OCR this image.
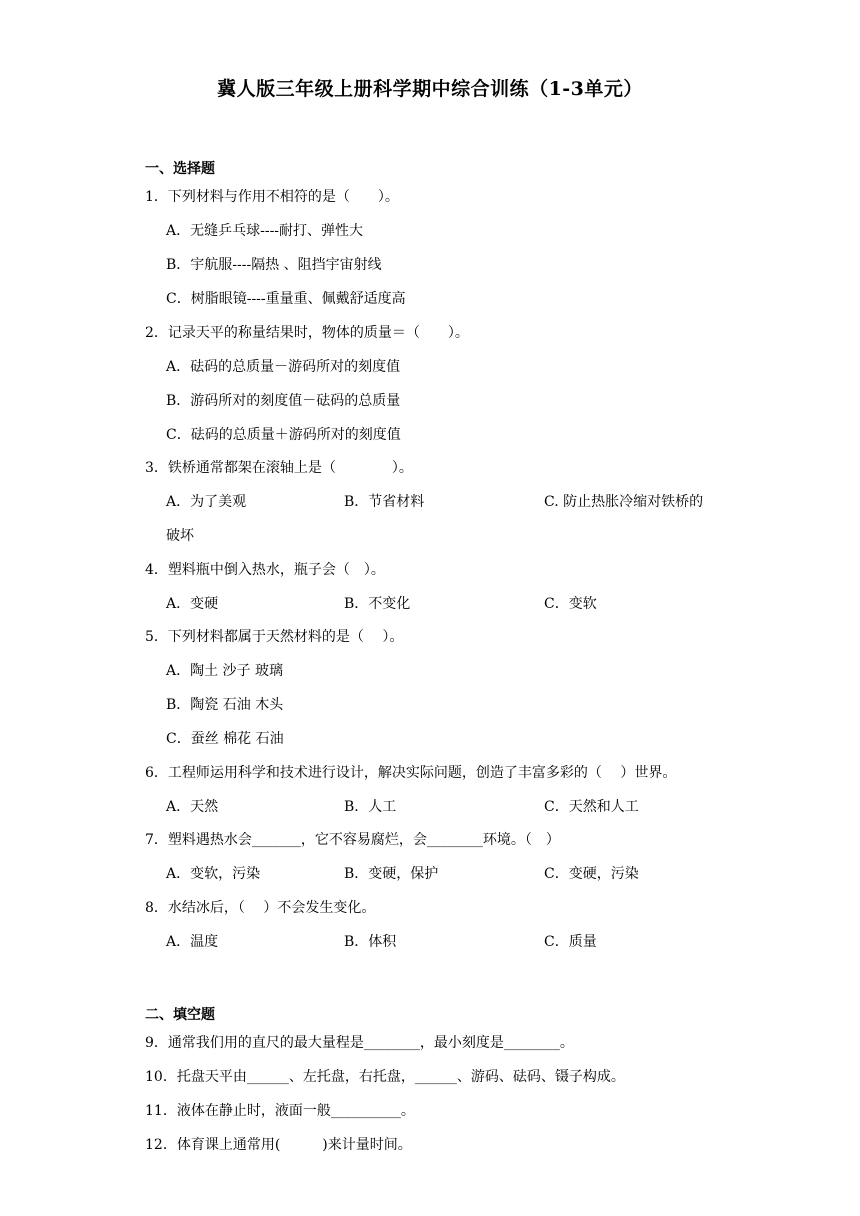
冀人版三年级上册科学期中综合训练（1-3单元）
一、选择题
1．下列材料与作用不相符的是（　　）。
A．无缝乒乓球----耐打、弹性大
B．宇航服----隔热 、阻挡宇宙射线
C．树脂眼镜----重量重、佩戴舒适度高
2．记录天平的称量结果时，物体的质量＝（　　）。
A．砝码的总质量－游码所对的刻度值
B．游码所对的刻度值－砝码的总质量
C．砝码的总质量＋游码所对的刻度值
3．铁桥通常都架在滚轴上是（　　　　）。
A．为了美观	B．节省材料	C. 防止热胀冷缩对铁桥的
破坏
4．塑料瓶中倒入热水，瓶子会（　）。
A．变硬	B．不变化	C．变软
5．下列材料都属于天然材料的是（　 ）。
A．陶土 沙子 玻璃
B．陶瓷 石油 木头
C．蚕丝 棉花 石油
6．工程师运用科学和技术进行设计，解决实际问题，创造了丰富多彩的（　 ）世界。
A．天然	B．人工	C．天然和人工
7．塑料遇热水会_______，它不容易腐烂，会________环境。（　）
A．变软，污染	B．变硬，保护	C．变硬，污染
8．水结冰后，（　 ）不会发生变化。
A．温度	B．体积	C．质量
二、填空题
9．通常我们用的直尺的最大量程是________，最小刻度是________。
10．托盘天平由______、左托盘，右托盘，______、游码、砝码、镊子构成。
11．液体在静止时，液面一般__________。
12．体育课上通常用(　　　)来计量时间。
